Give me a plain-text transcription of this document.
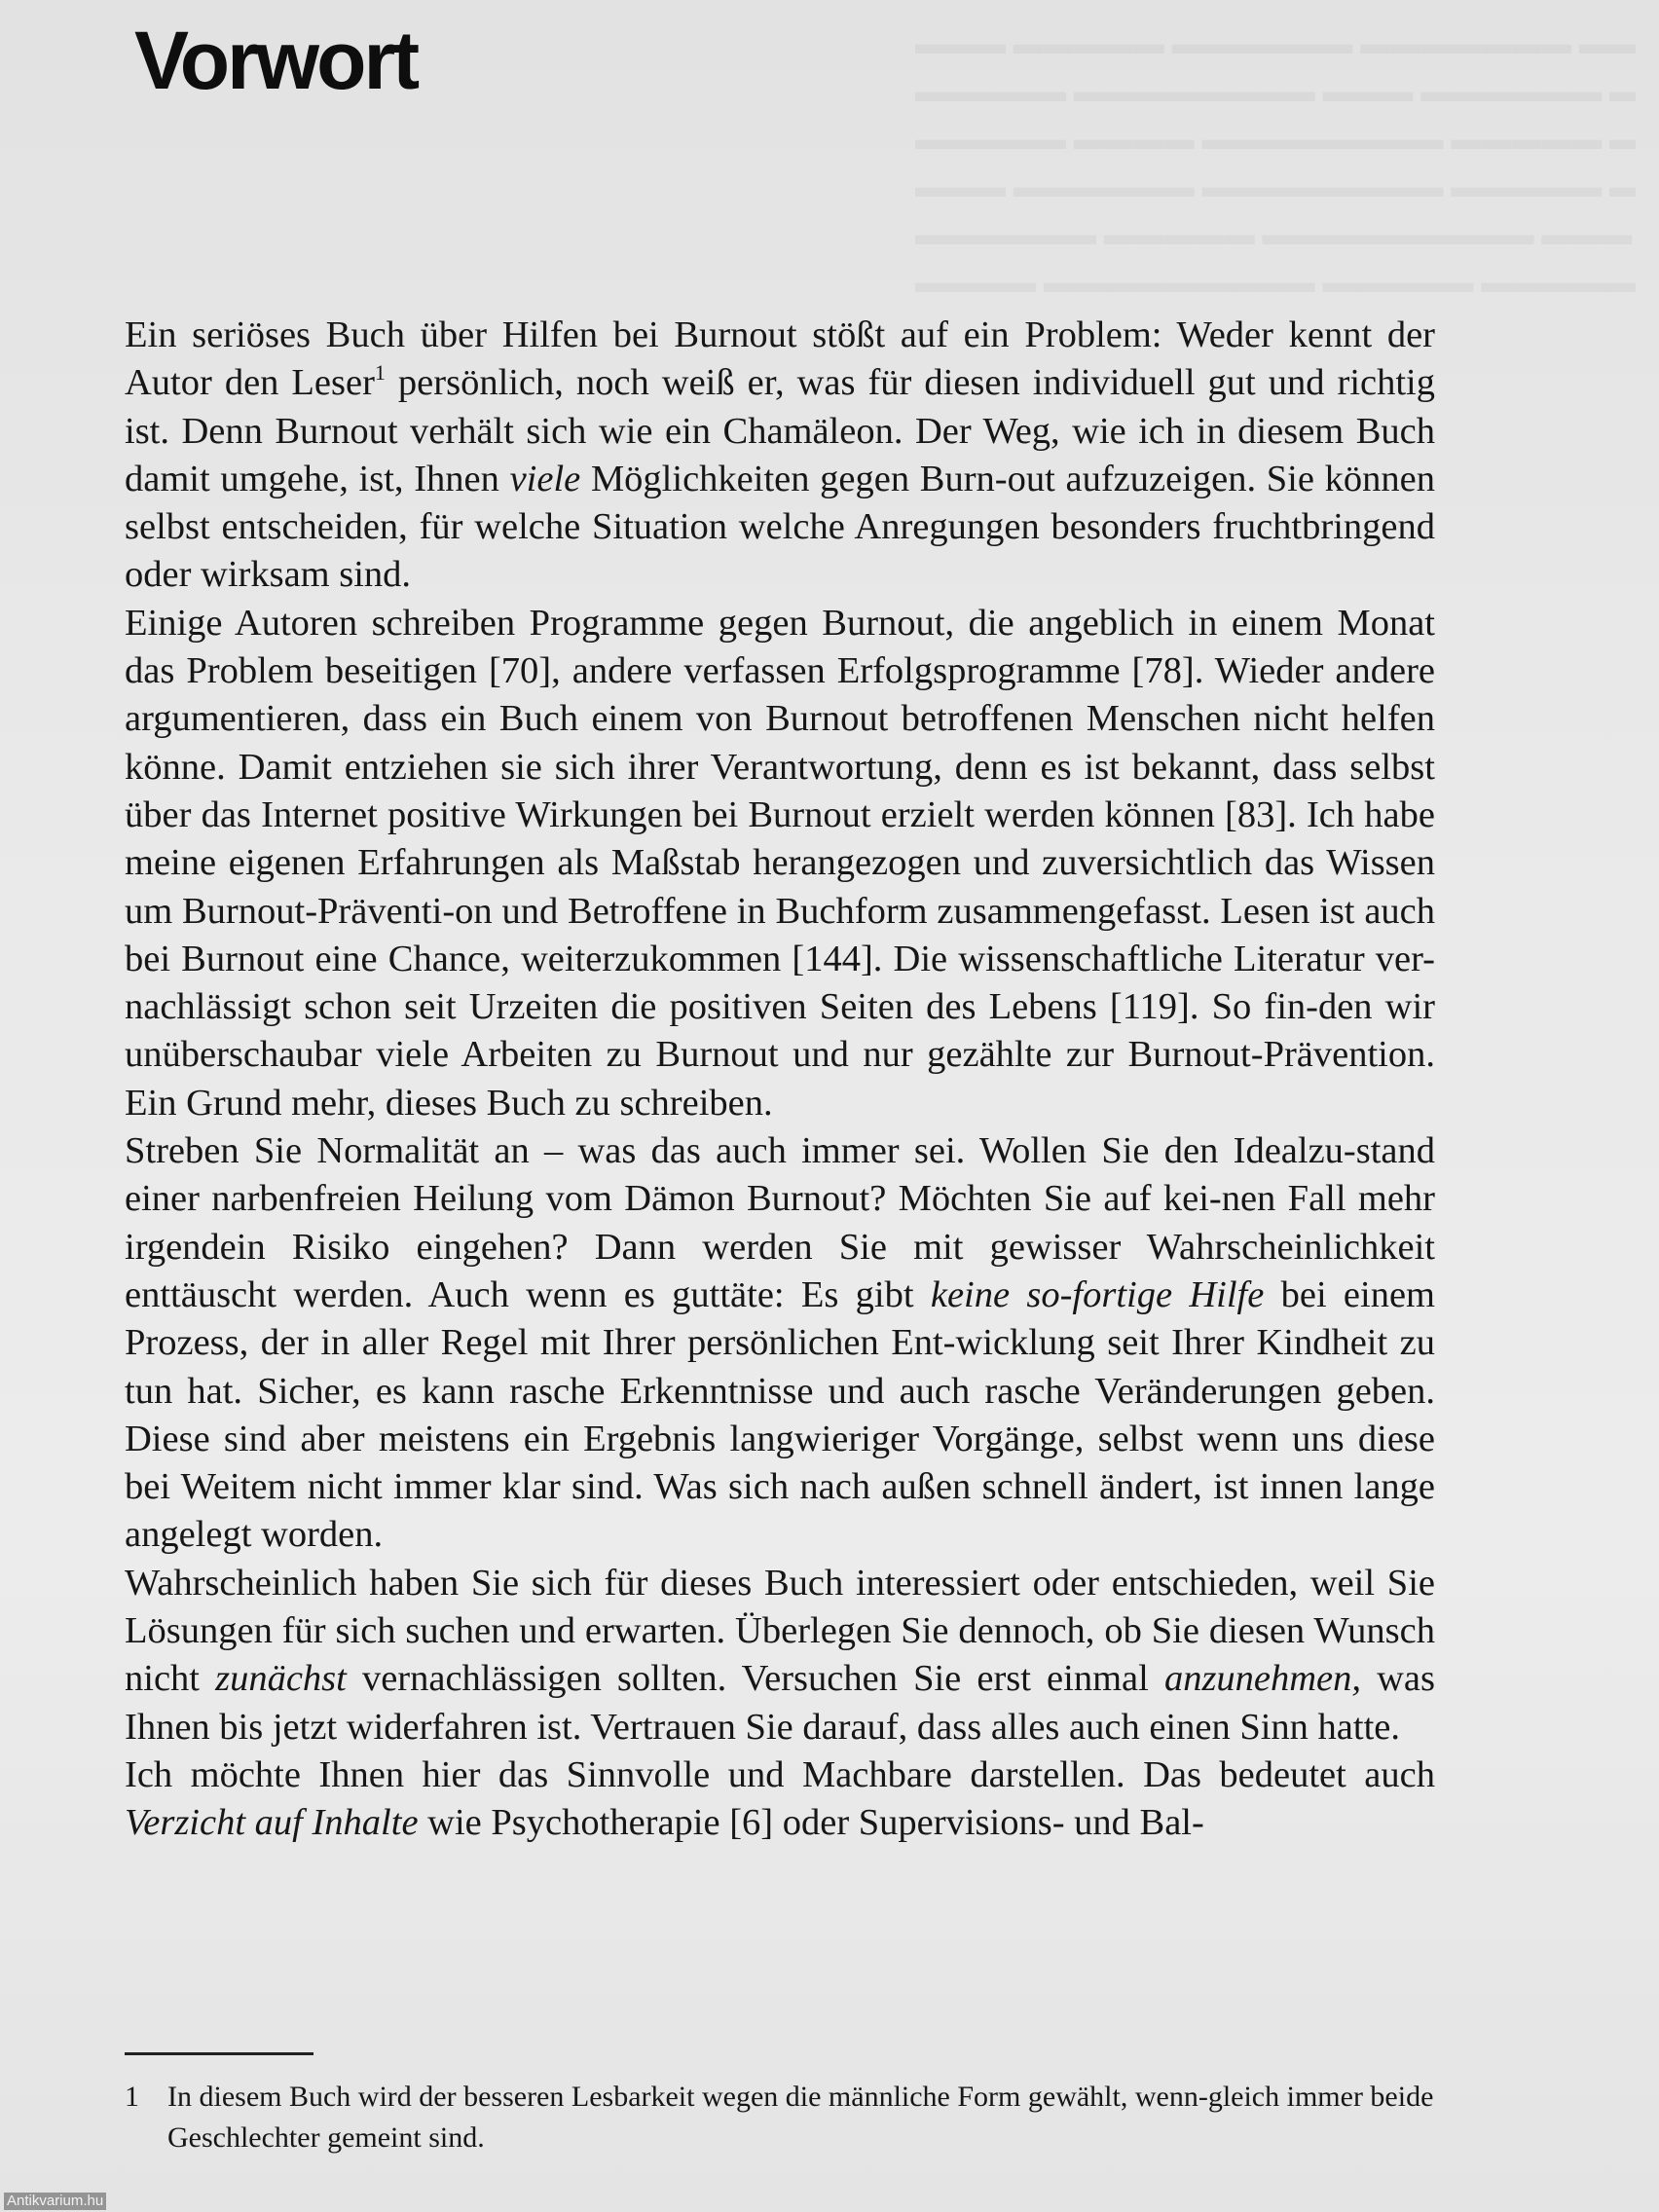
Vorwort

Ein seriöses Buch über Hilfen bei Burnout stößt auf ein Problem: Weder kennt der Autor den Leser$^1$ persönlich, noch weiß er, was für diesen individuell gut und richtig ist. Denn Burnout verhält sich wie ein Chamäleon. Der Weg, wie ich in diesem Buch damit umgehe, ist, Ihnen viele Möglichkeiten gegen Burn-out aufzuzeigen. Sie können selbst entscheiden, für welche Situation welche Anregungen besonders fruchtbringend oder wirksam sind.

Einige Autoren schreiben Programme gegen Burnout, die angeblich in einem Monat das Problem beseitigen [70], andere verfassen Erfolgsprogramme [78]. Wieder andere argumentieren, dass ein Buch einem von Burnout betroffenen Menschen nicht helfen könne. Damit entziehen sie sich ihrer Verantwortung, denn es ist bekannt, dass selbst über das Internet positive Wirkungen bei Burnout erzielt werden können [83]. Ich habe meine eigenen Erfahrungen als Maßstab herangezogen und zuversichtlich das Wissen um Burnout-Präventi-on und Betroffene in Buchform zusammengefasst. Lesen ist auch bei Burnout eine Chance, weiterzukommen [144]. Die wissenschaftliche Literatur ver-nachlässigt schon seit Urzeiten die positiven Seiten des Lebens [119]. So fin-den wir unüberschaubar viele Arbeiten zu Burnout und nur gezählte zur Burnout-Prävention. Ein Grund mehr, dieses Buch zu schreiben.

Streben Sie Normalität an – was das auch immer sei. Wollen Sie den Idealzu-stand einer narbenfreien Heilung vom Dämon Burnout? Möchten Sie auf kei-nen Fall mehr irgendein Risiko eingehen? Dann werden Sie mit gewisser Wahrscheinlichkeit enttäuscht werden. Auch wenn es guttäte: Es gibt keine so-fortige Hilfe bei einem Prozess, der in aller Regel mit Ihrer persönlichen Ent-wicklung seit Ihrer Kindheit zu tun hat. Sicher, es kann rasche Erkenntnisse und auch rasche Veränderungen geben. Diese sind aber meistens ein Ergebnis langwieriger Vorgänge, selbst wenn uns diese bei Weitem nicht immer klar sind. Was sich nach außen schnell ändert, ist innen lange angelegt worden.

Wahrscheinlich haben Sie sich für dieses Buch interessiert oder entschieden, weil Sie Lösungen für sich suchen und erwarten. Überlegen Sie dennoch, ob Sie diesen Wunsch nicht zunächst vernachlässigen sollten. Versuchen Sie erst einmal anzunehmen, was Ihnen bis jetzt widerfahren ist. Vertrauen Sie darauf, dass alles auch einen Sinn hatte.

Ich möchte Ihnen hier das Sinnvolle und Machbare darstellen. Das bedeutet auch Verzicht auf Inhalte wie Psychotherapie [6] oder Supervisions- und Bal-

1 In diesem Buch wird der besseren Lesbarkeit wegen die männliche Form gewählt, wenn-gleich immer beide Geschlechter gemeint sind.
Antikvarium.hu
